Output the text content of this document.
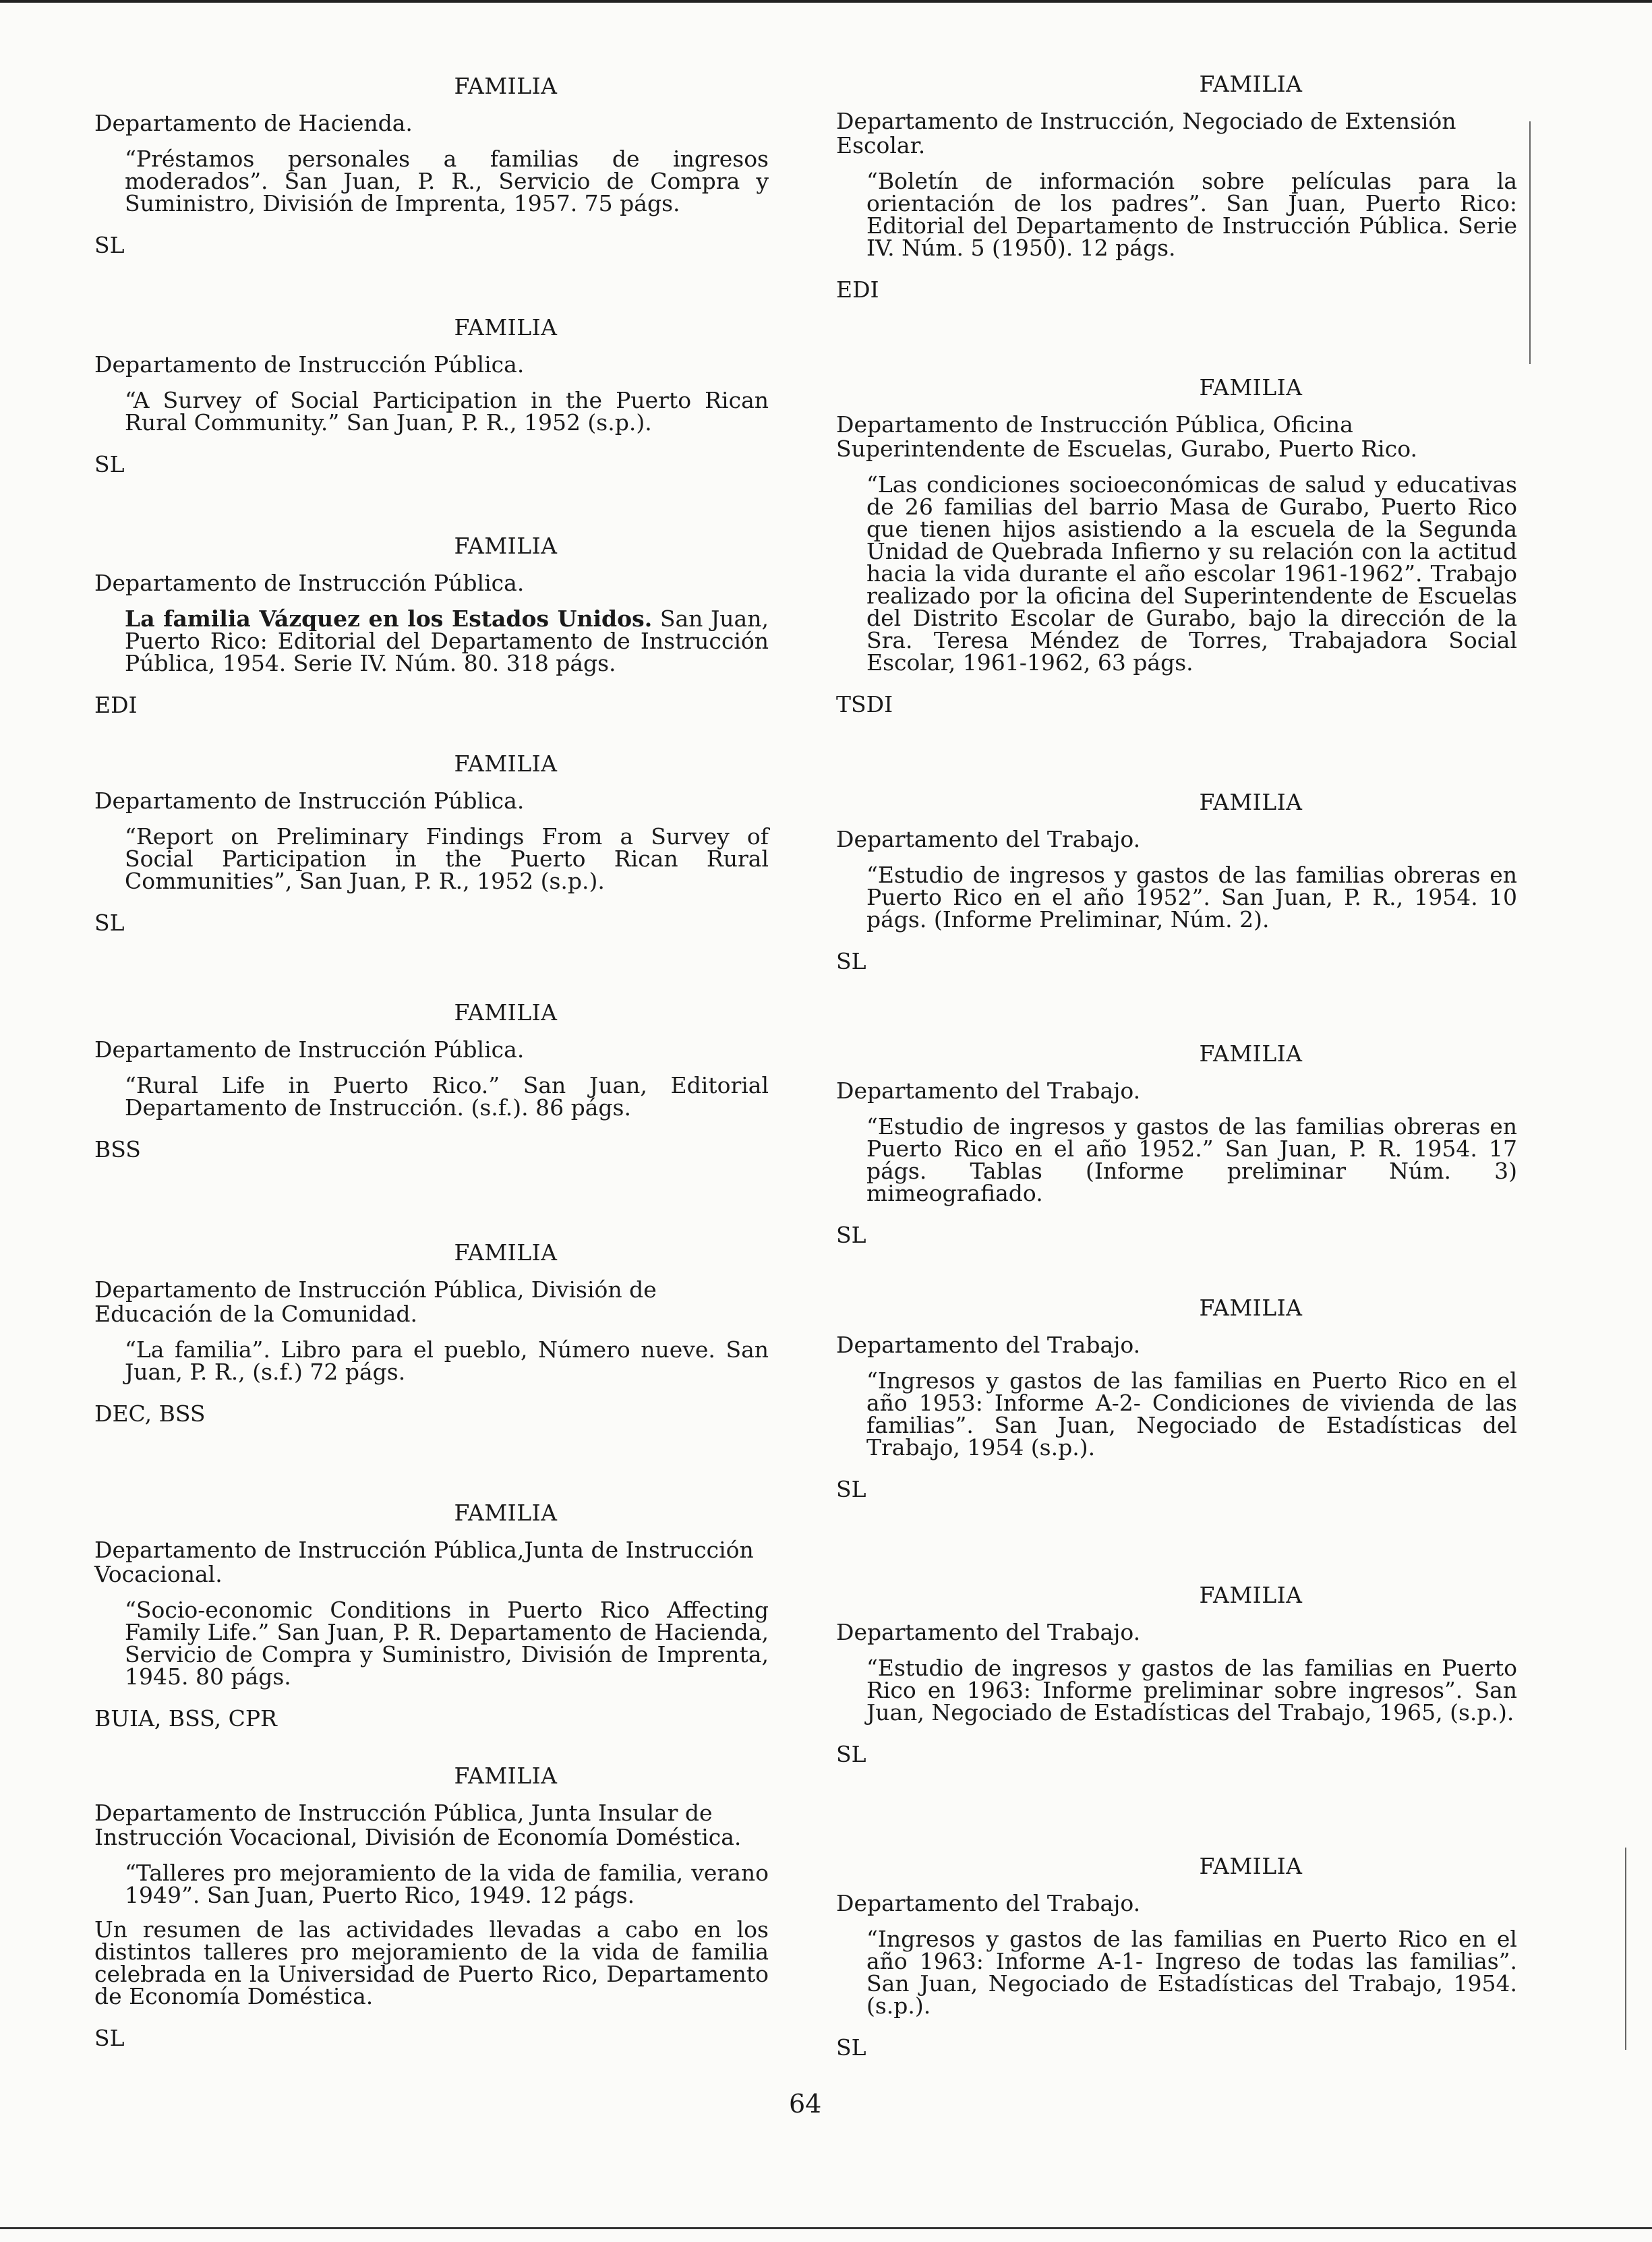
FAMILIA
Departamento de Hacienda.
“Préstamos personales a familias de ingresos moderados”. San Juan, P. R., Servicio de Compra y Suministro, División de Imprenta, 1957. 75 págs.
SL
FAMILIA
Departamento de Instrucción Pública.
“A Survey of Social Participation in the Puerto Rican Rural Community.” San Juan, P. R., 1952 (s.p.).
SL
FAMILIA
Departamento de Instrucción Pública.
La familia Vázquez en los Estados Unidos. San Juan, Puerto Rico: Editorial del Departamento de Instrucción Pública, 1954. Serie IV. Núm. 80. 318 págs.
EDI
FAMILIA
Departamento de Instrucción Pública.
“Report on Preliminary Findings From a Survey of Social Participation in the Puerto Rican Rural Communities”, San Juan, P. R., 1952 (s.p.).
SL
FAMILIA
Departamento de Instrucción Pública.
“Rural Life in Puerto Rico.” San Juan, Editorial Departamento de Instrucción. (s.f.). 86 págs.
BSS
FAMILIA
Departamento de Instrucción Pública, División de Educación de la Comunidad.
“La familia”. Libro para el pueblo, Número nueve. San Juan, P. R., (s.f.) 72 págs.
DEC, BSS
FAMILIA
Departamento de Instrucción Pública,Junta de Instrucción Vocacional.
“Socio-economic Conditions in Puerto Rico Affecting Family Life.” San Juan, P. R. Departamento de Hacienda, Servicio de Compra y Suministro, División de Imprenta, 1945. 80 págs.
BUIA, BSS, CPR
FAMILIA
Departamento de Instrucción Pública, Junta Insular de Instrucción Vocacional, División de Economía Doméstica.
“Talleres pro mejoramiento de la vida de familia, verano 1949”. San Juan, Puerto Rico, 1949. 12 págs.
Un resumen de las actividades llevadas a cabo en los distintos talleres pro mejoramiento de la vida de familia celebrada en la Universidad de Puerto Rico, Departamento de Economía Doméstica.
SL
FAMILIA
Departamento de Instrucción, Negociado de Extensión Escolar.
“Boletín de información sobre películas para la orientación de los padres”. San Juan, Puerto Rico: Editorial del Departamento de Instrucción Pública. Serie IV. Núm. 5 (1950). 12 págs.
EDI
FAMILIA
Departamento de Instrucción Pública, Oficina Superintendente de Escuelas, Gurabo, Puerto Rico.
“Las condiciones socioeconómicas de salud y educativas de 26 familias del barrio Masa de Gurabo, Puerto Rico que tienen hijos asistiendo a la escuela de la Segunda Unidad de Quebrada Infierno y su relación con la actitud hacia la vida durante el año escolar 1961-1962”. Trabajo realizado por la oficina del Superintendente de Escuelas del Distrito Escolar de Gurabo, bajo la dirección de la Sra. Teresa Méndez de Torres, Trabajadora Social Escolar, 1961-1962, 63 págs.
TSDI
FAMILIA
Departamento del Trabajo.
“Estudio de ingresos y gastos de las familias obreras en Puerto Rico en el año 1952”. San Juan, P. R., 1954. 10 págs. (Informe Preliminar, Núm. 2).
SL
FAMILIA
Departamento del Trabajo.
“Estudio de ingresos y gastos de las familias obreras en Puerto Rico en el año 1952.” San Juan, P. R. 1954. 17 págs. Tablas (Informe preliminar Núm. 3) mimeografiado.
SL
FAMILIA
Departamento del Trabajo.
“Ingresos y gastos de las familias en Puerto Rico en el año 1953: Informe A-2- Condiciones de vivienda de las familias”. San Juan, Negociado de Estadísticas del Trabajo, 1954 (s.p.).
SL
FAMILIA
Departamento del Trabajo.
“Estudio de ingresos y gastos de las familias en Puerto Rico en 1963: Informe preliminar sobre ingresos”. San Juan, Negociado de Estadísticas del Trabajo, 1965, (s.p.).
SL
FAMILIA
Departamento del Trabajo.
“Ingresos y gastos de las familias en Puerto Rico en el año 1963: Informe A-1- Ingreso de todas las familias”. San Juan, Negociado de Estadísticas del Trabajo, 1954. (s.p.).
SL
64
